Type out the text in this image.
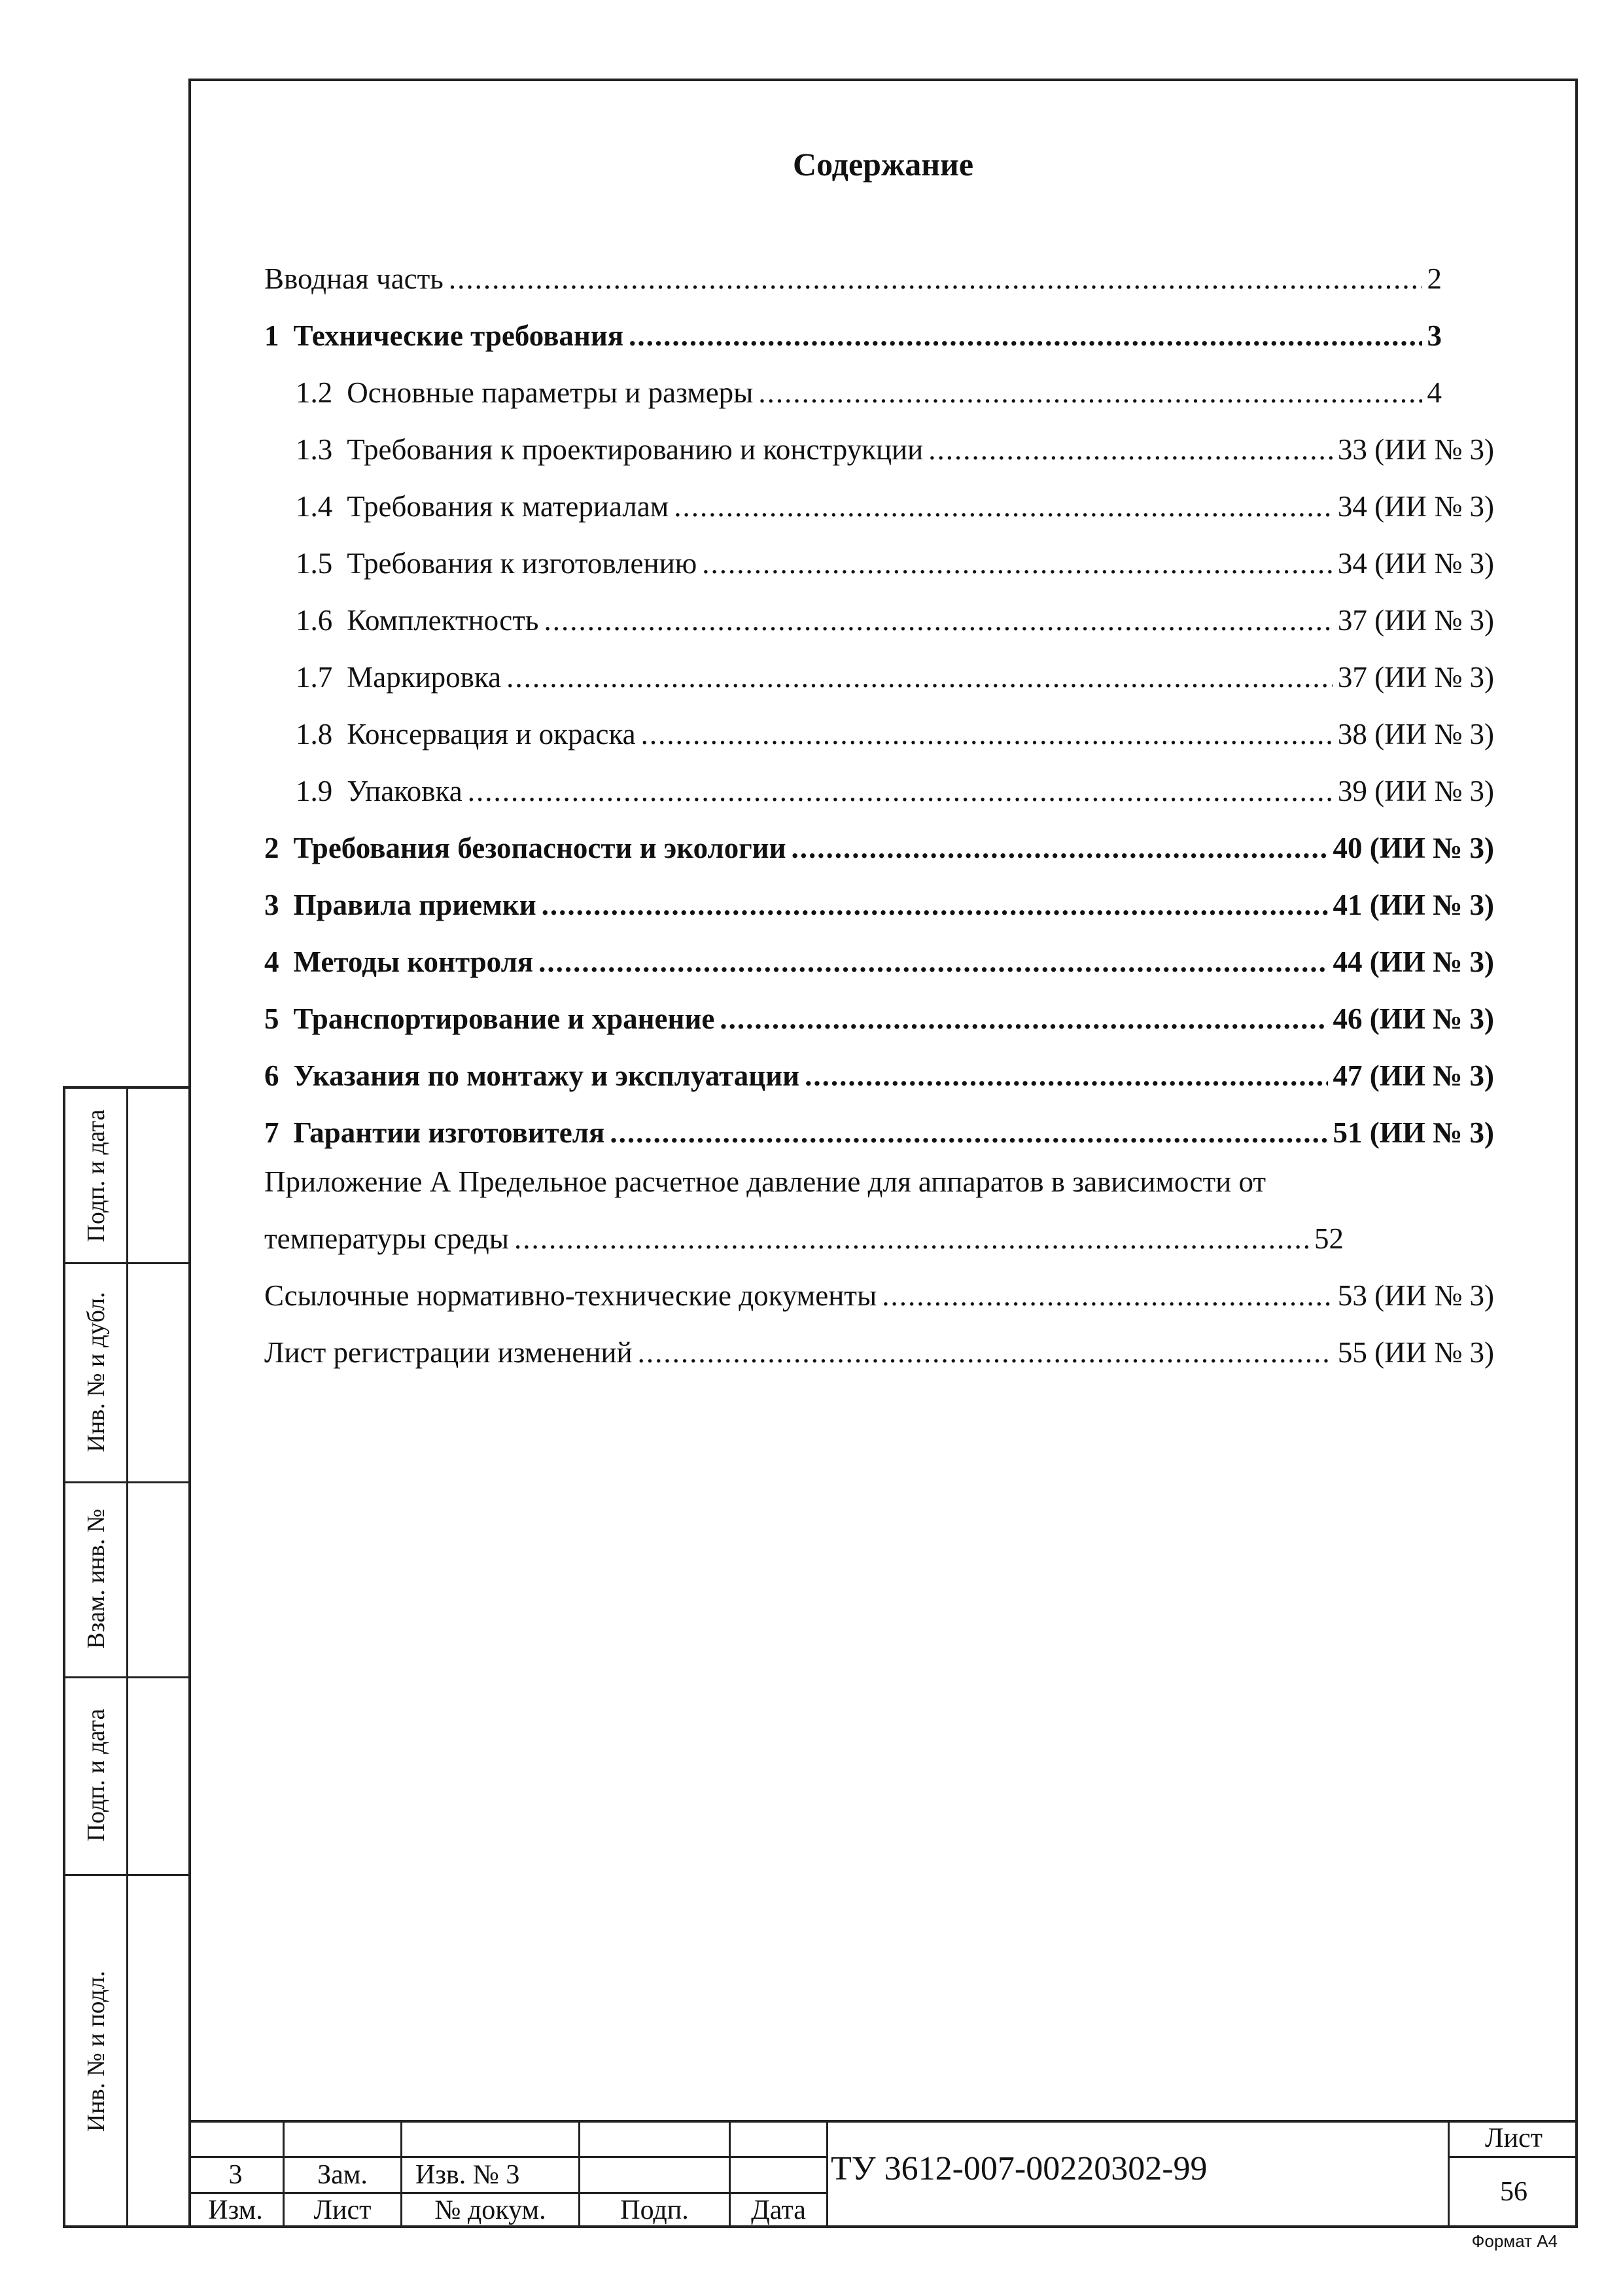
Подп. и дата
Инв. № и дубл.
Взам. инв. №
Подп. и дата
Инв. № и подл.
Содержание
Вводная часть .....	2
1 Технические требования .....	3
1.2 Основные параметры и размеры .....	4
1.3 Требования к проектированию и конструкции .....	33 (ИИ № 3)
1.4 Требования к материалам .....	34 (ИИ № 3)
1.5 Требования к изготовлению .....	34 (ИИ № 3)
1.6 Комплектность .....	37 (ИИ № 3)
1.7 Маркировка .....	37 (ИИ № 3)
1.8 Консервация и окраска .....	38 (ИИ № 3)
1.9 Упаковка .....	39 (ИИ № 3)
2 Требования безопасности и экологии .....	40 (ИИ № 3)
3 Правила приемки .....	41 (ИИ № 3)
4 Методы контроля .....	44 (ИИ № 3)
5 Транспортирование и хранение .....	46 (ИИ № 3)
6 Указания по монтажу и эксплуатации .....	47 (ИИ № 3)
7 Гарантии изготовителя .....	51 (ИИ № 3)
Приложение А Предельное расчетное давление для аппаратов в зависимости от
температуры среды .....	52
Ссылочные нормативно-технические документы .....	53 (ИИ № 3)
Лист регистрации изменений .....	55 (ИИ № 3)
3	Зам.	Изв. № 3
Изм.	Лист	№ докум.	Подп.	Дата
Лист
56
ТУ 3612-007-00220302-99
Формат А4
